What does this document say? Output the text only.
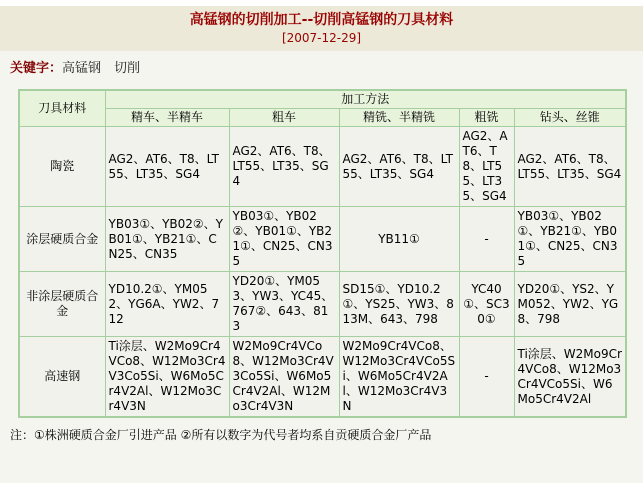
高锰钢的切削加工--切削高锰钢的刀具材料
[2007-12-29]
关键字：高锰钢　切削
刀具材料	加工方法				
	精车、半精车	粗车	精铣、半精铣	粗铣	钻头、丝锥
陶瓷	AG2、AT6、T8、LT55、LT35、SG4	AG2、AT6、T8、LT55、LT35、SG4	AG2、AT6、T8、LT55、LT35、SG4	AG2、AT6、T8、LT55、LT35、SG4	AG2、AT6、T8、LT55、LT35、SG4
涂层硬质合金	YB03①、YB02②、YB01①、YB21①、CN25、CN35	YB03①、YB02②、YB01①、YB21①、CN25、CN35	YB11①	-	YB03①、YB02①、YB21①、YB01①、CN25、CN35
非涂层硬质合金	YD10.2①、YM052、YG6A、YW2、712	YD20①、YM053、YW3、YC45、767②、643、813	SD15①、YD10.2①、YS25、YW3、813M、643、798	YC40①、SC30①	YD20①、YS2、YM052、YW2、YG8、798
高速钢	Ti涂层、W2Mo9Cr4VCo8、W12Mo3Cr4V3Co5Si、W6Mo5Cr4V2Al、W12Mo3Cr4V3N	W2Mo9Cr4VCo8、W12Mo3Cr4V3Co5Si、W6Mo5Cr4V2Al、W12Mo3Cr4V3N	W2Mo9Cr4VCo8、W12Mo3Cr4VCo5Si、W6Mo5Cr4V2Al、W12Mo3Cr4V3N	-	Ti涂层、W2Mo9Cr4VCo8、W12Mo3Cr4VCo5Si、W6Mo5Cr4V2Al
注：①株洲硬质合金厂引进产品 ②所有以数字为代号者均系自贡硬质合金厂产品
